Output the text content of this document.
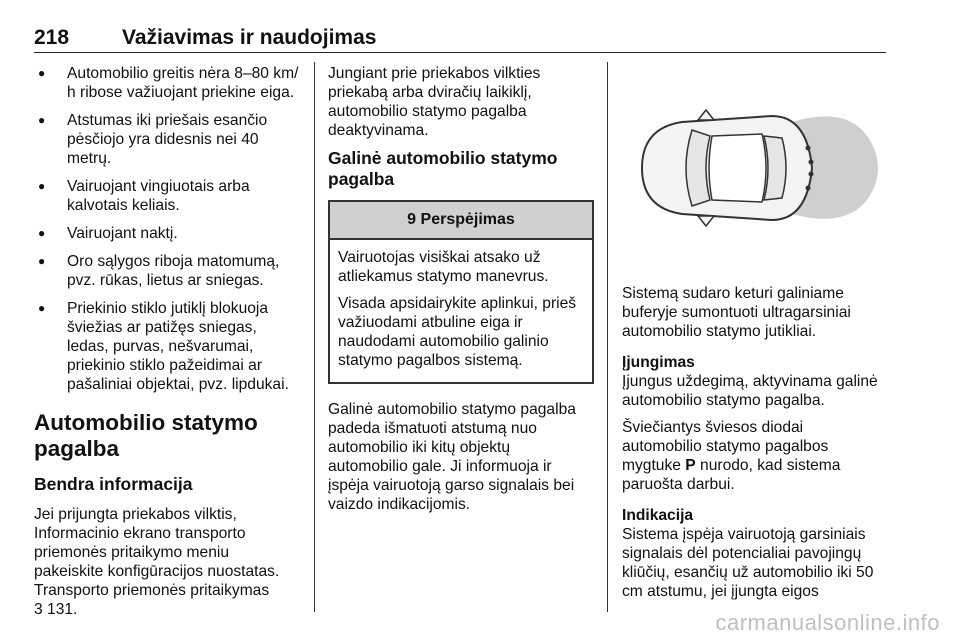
218	Važiavimas ir naudojimas
● Automobilio greitis nėra 8–80 km/ h ribose važiuojant priekine eiga.
● Atstumas iki priešais esančio pėsčiojo yra didesnis nei 40 metrų.
● Vairuojant vingiuotais arba kalvotais keliais.
● Vairuojant naktį.
● Oro sąlygos riboja matomumą, pvz. rūkas, lietus ar sniegas.
● Priekinio stiklo jutiklį blokuoja šviežias ar patižęs sniegas, ledas, purvas, nešvarumai, priekinio stiklo pažeidimai ar pašaliniai objektai, pvz. lipdukai.
Automobilio statymo pagalba
Bendra informacija

Jei prijungta priekabos vilktis, Informacinio ekrano transporto priemonės pritaikymo meniu pakeiskite konfigūracijos nuostatas. Transporto priemonės pritaikymas
3 131.

Jungiant prie priekabos vilkties priekabą arba dviračių laikiklį, automobilio statymo pagalba deaktyvinama.

Galinė automobilio statymo pagalba
9 Perspėjimas

Vairuotojas visiškai atsako už atliekamus statymo manevrus.

Visada apsidairykite aplinkui, prieš važiuodami atbuline eiga ir naudodami automobilio galinio statymo pagalbos sistemą.

Galinė automobilio statymo pagalba padeda išmatuoti atstumą nuo automobilio iki kitų objektų automobilio gale. Ji informuoja ir įspėja vairuotoją garso signalais bei vaizdo indikacijomis.

Sistemą sudaro keturi galiniame buferyje sumontuoti ultragarsiniai automobilio statymo jutikliai.

Įjungimas

Įjungus uždegimą, aktyvinama galinė automobilio statymo pagalba.

Šviečiantys šviesos diodai automobilio statymo pagalbos mygtuke P nurodo, kad sistema paruošta darbui.

Indikacija

Sistema įspėja vairuotoją garsiniais signalais dėl potencialiai pavojingų kliūčių, esančių už automobilio iki 50 cm atstumu, jei įjungta eigos

carmanualsonline.info
